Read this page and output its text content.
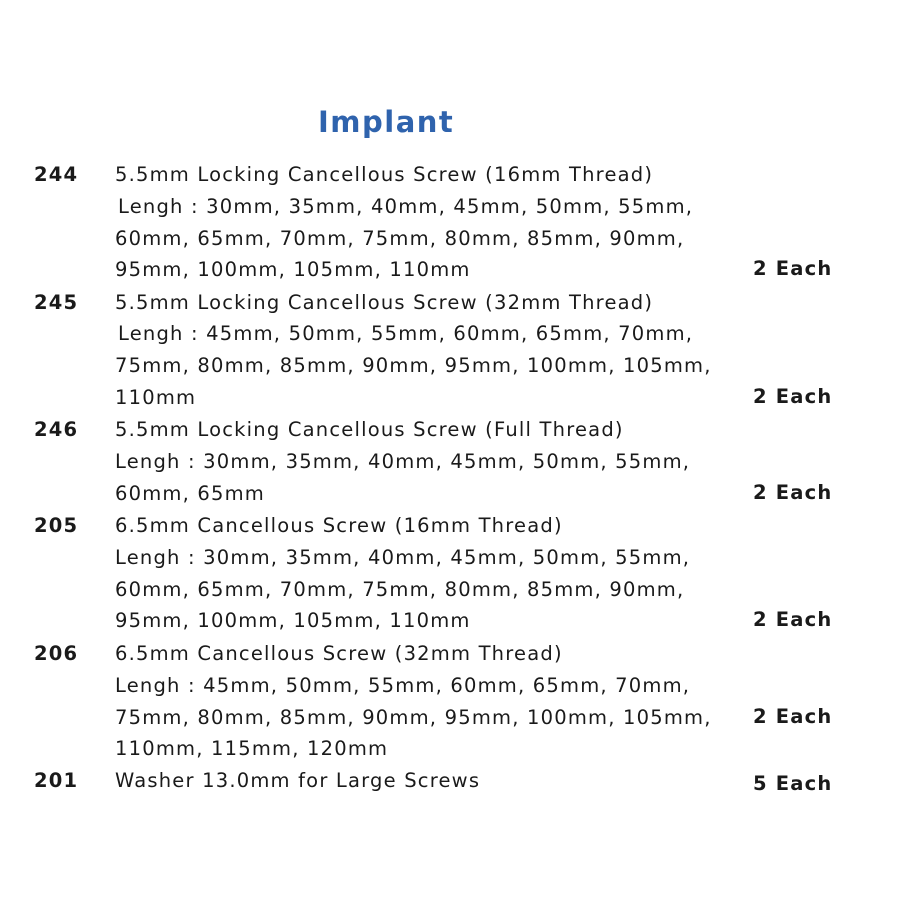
Implant
244 5.5mm Locking Cancellous Screw (16mm Thread)
Lengh : 30mm, 35mm, 40mm, 45mm, 50mm, 55mm,
60mm, 65mm, 70mm, 75mm, 80mm, 85mm, 90mm,
95mm, 100mm, 105mm, 110mm	2 Each
245 5.5mm Locking Cancellous Screw (32mm Thread)
Lengh : 45mm, 50mm, 55mm, 60mm, 65mm, 70mm,
75mm, 80mm, 85mm, 90mm, 95mm, 100mm, 105mm,
110mm	2 Each
246 5.5mm Locking Cancellous Screw (Full Thread)
Lengh : 30mm, 35mm, 40mm, 45mm, 50mm, 55mm,
60mm, 65mm	2 Each
205 6.5mm Cancellous Screw (16mm Thread)
Lengh : 30mm, 35mm, 40mm, 45mm, 50mm, 55mm,
60mm, 65mm, 70mm, 75mm, 80mm, 85mm, 90mm,
95mm, 100mm, 105mm, 110mm	2 Each
206 6.5mm Cancellous Screw (32mm Thread)
Lengh : 45mm, 50mm, 55mm, 60mm, 65mm, 70mm,
75mm, 80mm, 85mm, 90mm, 95mm, 100mm, 105mm,
110mm, 115mm, 120mm
2 Each
201 Washer 13.0mm for Large Screws	5 Each
